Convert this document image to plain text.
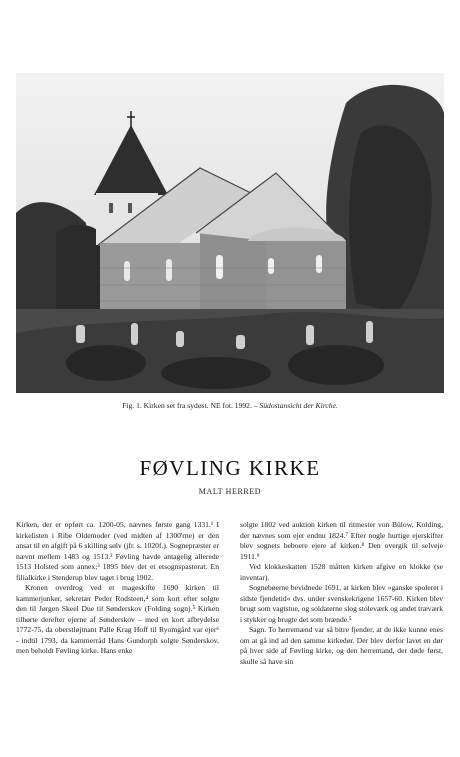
Fig. 1. Kirken set fra sydøst. NE fot. 1992. – Südostansicht der Kirche.
FØVLING KIRKE
MALT HERRED

Kirken, der er opført ca. 1200-05, nævnes første gang 1331.¹ I kirkelisten i Ribe Oldemoder (ved midten af 1300'rne) er den ansat til en afgift på 6 skilling sølv (jfr. s. 1020f.). Sognepræster er nævnt mellem 1483 og 1513.² Føvling havde antagelig allerede 1513 Holsted som annex;³ 1895 blev det et etsognspastorat. En filialkirke i Stenderup blev taget i brug 1902.

Kronen overdrog ved et mageskifte 1690 kirken til kammerjunker, sekretær Peder Rodsteen,⁴ som kort efter solgte den til Jørgen Skeel Due til Sønderskov (Folding sogn).⁵ Kirken tilhørte derefter ejerne af Sønderskov – med en kort afbrydelse 1772-75, da oberstløjtnant Palle Krag Hoff til Ryomgård var ejer⁶ - indtil 1793, da kammerråd Hans Gundorph solgte Sønderskov, men beholdt Føvling kirke. Hans enke

solgte 1802 ved auktion kirken til ritmester von Bülow, Kolding, der nævnes som ejer endnu 1824.⁷ Efter nogle hurtige ejerskifter blev sognets beboere ejere af kirken.⁸ Den overgik til selveje 1911.⁹

Ved klokkeskatten 1528 måtten kirken afgive en klokke (se inventar).

Sognebøerne bevidnede 1691, at kirken blev »ganske spoleret i sidste fjendetid« dvs. under svenskekrigene 1657-60. Kirken blev brugt som vagtstue, og soldaterne slog stoleværk og andet træværk i stykker og brugte det som brænde.⁵

Sagn. To herremænd var så bitre fjender, at de ikke kunne enes om at gå ind ad den samme kirkedør. Der blev derfor lavet en dør på hver side af Føvling kirke, og den herremand, der døde først, skulle så have sin
